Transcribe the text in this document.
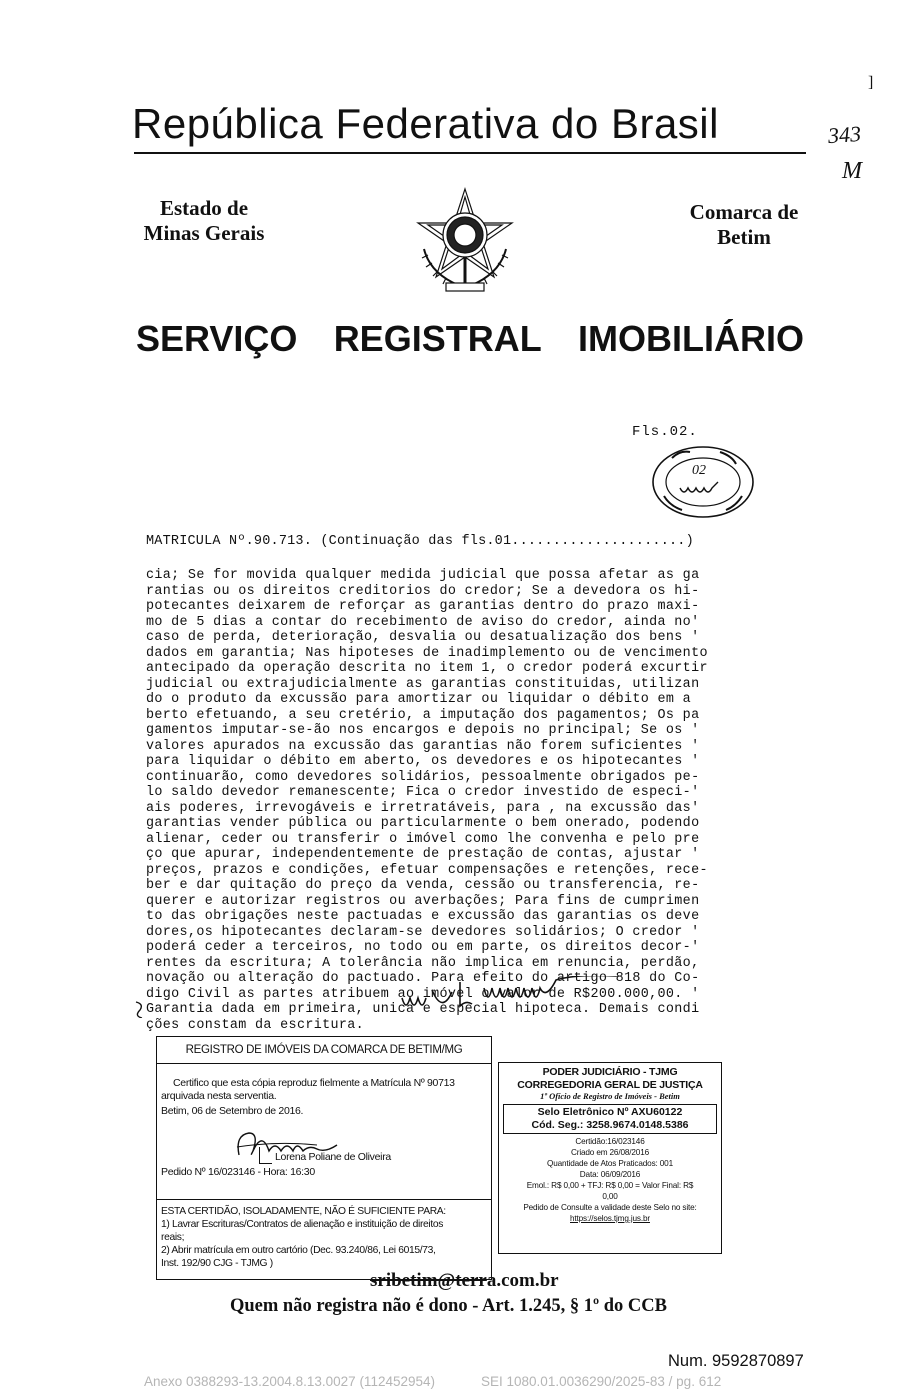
República Federativa do Brasil	343
M
]
Estado de
Minas Gerais
Comarca de
Betim
SERVIÇO REGISTRAL IMOBILIÁRIO
Fls.02.
02
MATRICULA Nº.90.713. (Continuação das fls.01.....................)
cia; Se for movida qualquer medida judicial que possa afetar as ga
rantias ou os direitos creditorios do credor; Se a devedora os hi-
potecantes deixarem de reforçar as garantias dentro do prazo maxi-
mo de 5 dias a contar do recebimento de aviso do credor, ainda no'
caso de perda, deterioração, desvalia ou desatualização dos bens '
dados em garantia; Nas hipoteses de inadimplemento ou de vencimento
antecipado da operação descrita no item 1, o credor poderá excurtir
judicial ou extrajudicialmente as garantias constituidas, utilizan
do o produto da excussão para amortizar ou liquidar o débito em a
berto efetuando, a seu cretério, a imputação dos pagamentos; Os pa
gamentos imputar-se-ão nos encargos e depois no principal; Se os '
valores apurados na excussão das garantias não forem suficientes '
para liquidar o débito em aberto, os devedores e os hipotecantes '
continuarão, como devedores solidários, pessoalmente obrigados pe-
lo saldo devedor remanescente; Fica o credor investido de especi-'
ais poderes, irrevogáveis e irretratáveis, para , na excussão das'
garantias vender pública ou particularmente o bem onerado, podendo
alienar, ceder ou transferir o imóvel como lhe convenha e pelo pre
ço que apurar, independentemente de prestação de contas, ajustar '
preços, prazos e condições, efetuar compensações e retenções, rece-
ber e dar quitação do preço da venda, cessão ou transferencia, re-
querer e autorizar registros ou averbações; Para fins de cumprimen
to das obrigações neste pactuadas e excussão das garantias os deve
dores,os hipotecantes declaram-se devedores solidários; O credor '
poderá ceder a terceiros, no todo ou em parte, os direitos decor-'
rentes da escritura; A tolerância não implica em renuncia, perdão,
novação ou alteração do pactuado. Para efeito do artigo 818 do Co-
digo Civil as partes atribuem ao imóvel o valor de R$200.000,00. '
Garantia dada em primeira, unica e especial hipoteca. Demais condi
ções constam da escritura.
REGISTRO DE IMÓVEIS DA COMARCA DE BETIM/MG
Certifico que esta cópia reproduz fielmente a Matrícula Nº 90713
arquivada nesta serventia.
Betim, 06 de Setembro de 2016.
Lorena Poliane de Oliveira
Pedido Nº 16/023146 - Hora: 16:30
ESTA CERTIDÃO, ISOLADAMENTE, NÃO É SUFICIENTE PARA:
1) Lavrar Escrituras/Contratos de alienação e instituição de direitos
reais;
2) Abrir matrícula em outro cartório (Dec. 93.240/86, Lei 6015/73,
Inst. 192/90 CJG - TJMG )
PODER JUDICIÁRIO - TJMG
CORREGEDORIA GERAL DE JUSTIÇA
1º Ofício de Registro de Imóveis - Betim
Selo Eletrônico Nº AXU60122
Cód. Seg.: 3258.9674.0148.5386
Certidão:16/023146
Criado em 26/08/2016
Quantidade de Atos Praticados: 001
Data: 06/09/2016
Emol.: R$ 0,00 + TFJ: R$ 0,00 = Valor Final: R$
0,00
Pedido de Consulte a validade deste Selo no site:
https://selos.tjmg.jus.br
sribetim@terra.com.br
Quem não registra não é dono - Art. 1.245, § 1º do CCB
Num. 9592870897
Anexo 0388293-13.2004.8.13.0027 (112452954)	SEI 1080.01.0036290/2025-83 / pg. 612
